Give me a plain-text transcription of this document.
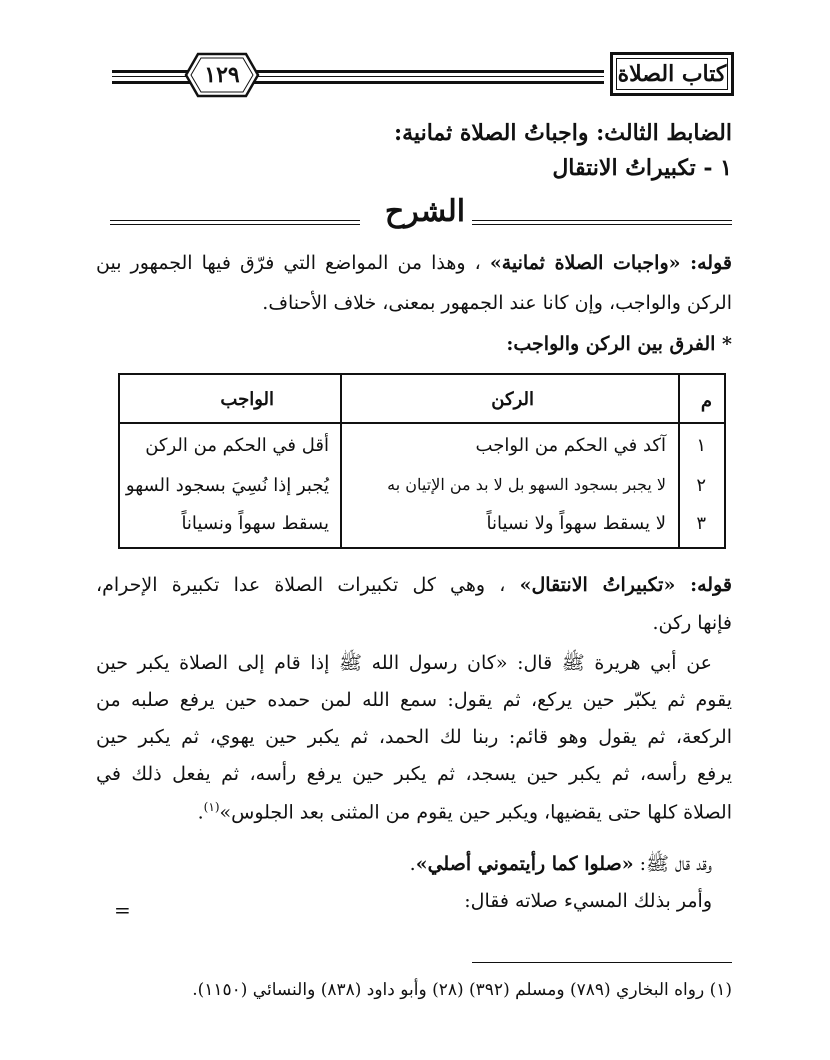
١٢٩	كتاب الصلاة
الضابط الثالث: واجباتُ الصلاة ثمانية:
١ - تكبيراتُ الانتقال
الشرح
قوله: «واجبات الصلاة ثمانية» ، وهذا من المواضع التي فرّق فيها الجمهور بين
الركن والواجب، وإن كانا عند الجمهور بمعنى، خلاف الأحناف.
* الفرق بين الركن والواجب:
م
الركن
الواجب
١
آكد في الحكم من الواجب
أقل في الحكم من الركن
٢
لا يجبر بسجود السهو بل لا بد من الإتيان به
يُجبر إذا نُسِيَ بسجود السهو
٣
لا يسقط سهواً ولا نسياناً
يسقط سهواً ونسياناً
قوله: «تكبيراتُ الانتقال» ، وهي كل تكبيرات الصلاة عدا تكبيرة الإحرام،
فإنها ركن.
عن أبي هريرة ﷺ قال: «كان رسول الله ﷺ إذا قام إلى الصلاة يكبر حين
يقوم ثم يكبّر حين يركع، ثم يقول: سمع الله لمن حمده حين يرفع صلبه من
الركعة، ثم يقول وهو قائم: ربنا لك الحمد، ثم يكبر حين يهوي، ثم يكبر حين
يرفع رأسه، ثم يكبر حين يسجد، ثم يكبر حين يرفع رأسه، ثم يفعل ذلك في
الصلاة كلها حتى يقضيها، ويكبر حين يقوم من المثنى بعد الجلوس»$^{(١)}$.
وقد قال ﷺ: «صلوا كما رأيتموني أصلي».
وأمر بذلك المسيء صلاته فقال:
=
(١) رواه البخاري (٧٨٩) ومسلم (٣٩٢) (٢٨) وأبو داود (٨٣٨) والنسائي (١١٥٠).
